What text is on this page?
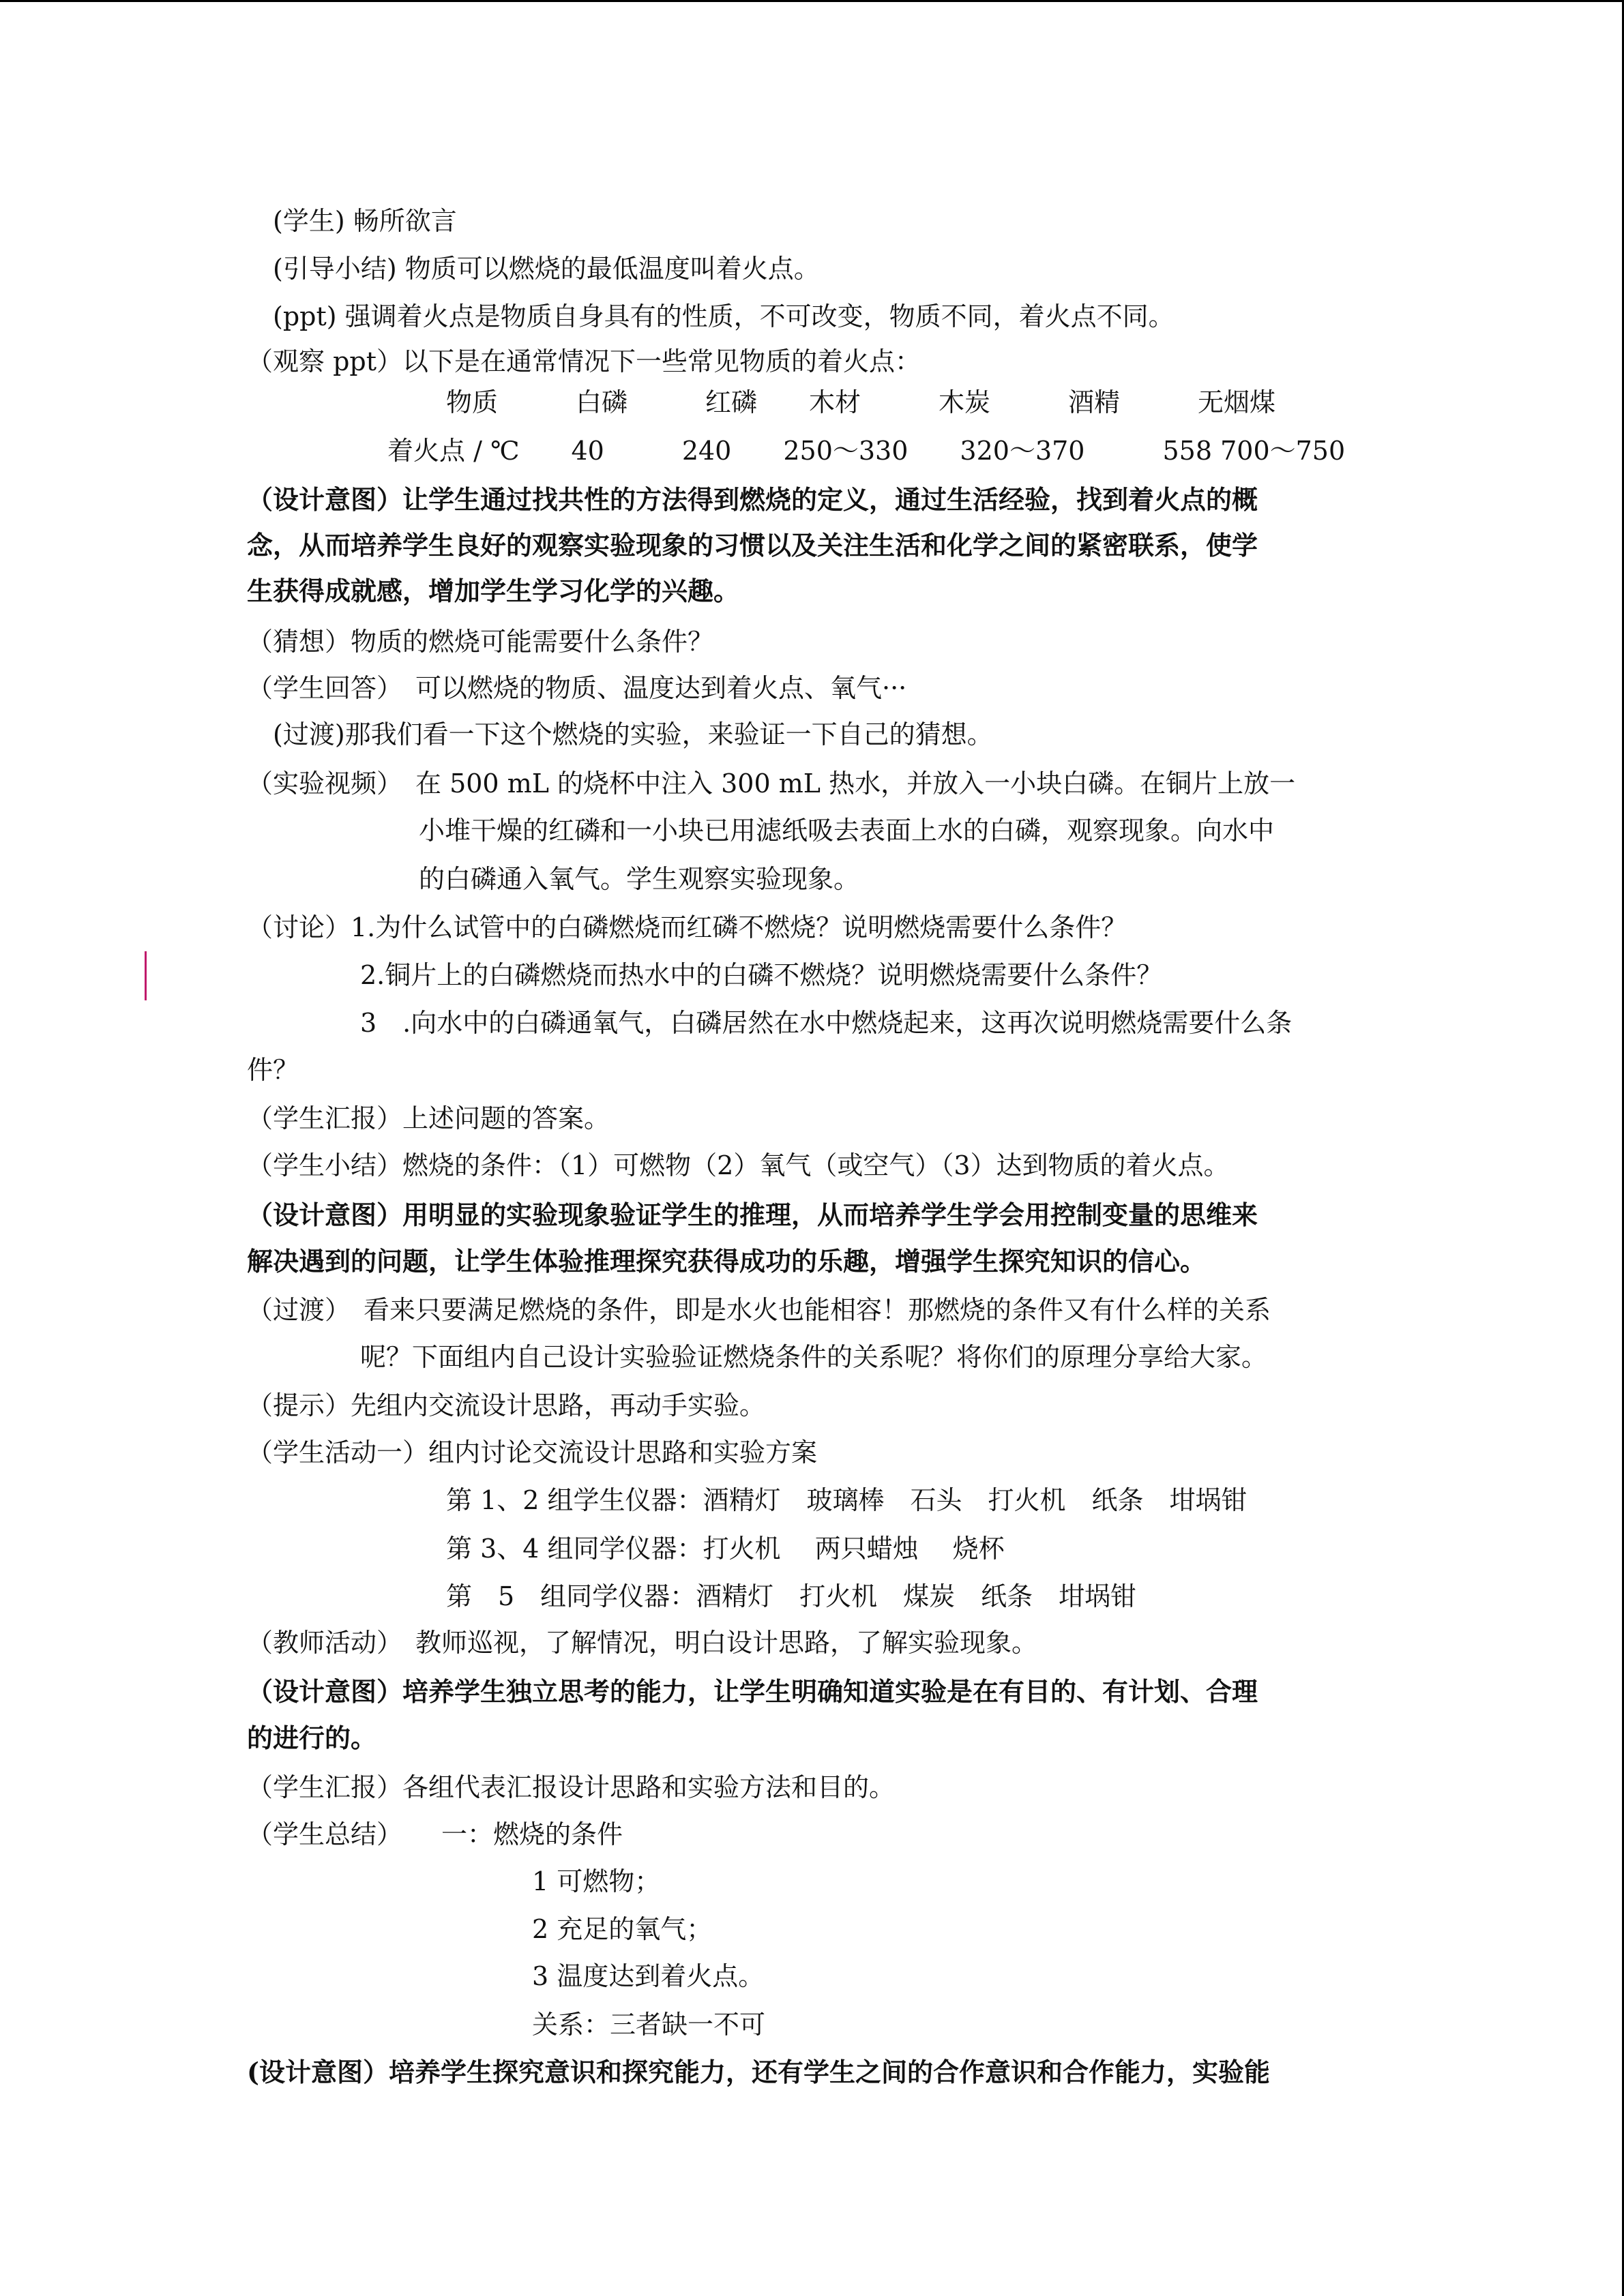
(学生) 畅所欲言
(引导小结) 物质可以燃烧的最低温度叫着火点。
(ppt) 强调着火点是物质自身具有的性质，不可改变，物质不同，着火点不同。
（观察 ppt）以下是在通常情况下一些常见物质的着火点：
物质　　　白磷　　　红磷　　木材　　　木炭　　　酒精　　　无烟煤
着火点 / ℃　　40　　　240　　250～330　　320～370　　　558 700～750
（设计意图）让学生通过找共性的方法得到燃烧的定义，通过生活经验，找到着火点的概
念，从而培养学生良好的观察实验现象的习惯以及关注生活和化学之间的紧密联系，使学
生获得成就感，增加学生学习化学的兴趣。
（猜想）物质的燃烧可能需要什么条件？
（学生回答）　可以燃烧的物质、温度达到着火点、氧气···
(过渡)那我们看一下这个燃烧的实验，来验证一下自己的猜想。
（实验视频）　在 500 mL 的烧杯中注入 300 mL 热水，并放入一小块白磷。在铜片上放一
小堆干燥的红磷和一小块已用滤纸吸去表面上水的白磷，观察现象。向水中
的白磷通入氧气。学生观察实验现象。
（讨论）1.为什么试管中的白磷燃烧而红磷不燃烧？说明燃烧需要什么条件？
2.铜片上的白磷燃烧而热水中的白磷不燃烧？说明燃烧需要什么条件？
3　.向水中的白磷通氧气，白磷居然在水中燃烧起来，这再次说明燃烧需要什么条
件？
（学生汇报）上述问题的答案。
（学生小结）燃烧的条件：（1）可燃物（2）氧气（或空气）（3）达到物质的着火点。
（设计意图）用明显的实验现象验证学生的推理，从而培养学生学会用控制变量的思维来
解决遇到的问题，让学生体验推理探究获得成功的乐趣，增强学生探究知识的信心。
（过渡）　看来只要满足燃烧的条件，即是水火也能相容！那燃烧的条件又有什么样的关系
呢？下面组内自己设计实验验证燃烧条件的关系呢？将你们的原理分享给大家。
（提示）先组内交流设计思路，再动手实验。
（学生活动一）组内讨论交流设计思路和实验方案
第 1、2 组学生仪器：酒精灯　玻璃棒　石头　打火机　纸条　坩埚钳
第 3、4 组同学仪器：打火机　 两只蜡烛　 烧杯
第　5　组同学仪器：酒精灯　打火机　煤炭　纸条　坩埚钳
（教师活动）　教师巡视，了解情况，明白设计思路，了解实验现象。
（设计意图）培养学生独立思考的能力，让学生明确知道实验是在有目的、有计划、合理
的进行的。
（学生汇报）各组代表汇报设计思路和实验方法和目的。
（学生总结）　　一：燃烧的条件
1 可燃物；
2 充足的氧气；
3 温度达到着火点。
关系：三者缺一不可
(设计意图）培养学生探究意识和探究能力，还有学生之间的合作意识和合作能力，实验能
